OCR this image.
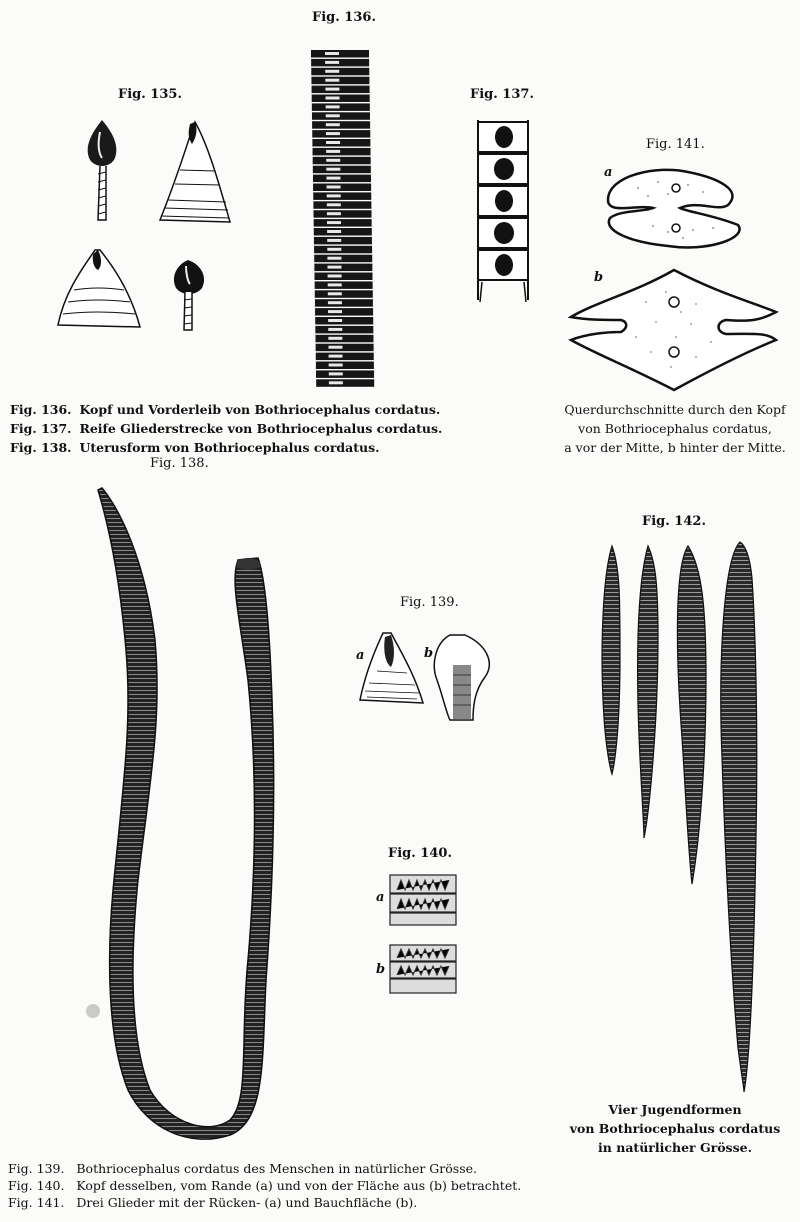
Fig. 136.
Fig. 135.	Fig. 137.
Fig. 141.
Fig. 138.
Fig. 142.
Fig. 139.
Fig. 140.
a
b
Fig. 136. Kopf und Vorderleib von Bothriocephalus cordatus.
Fig. 137. Reife Gliederstrecke von Bothriocephalus cordatus.
Fig. 138. Uterusform von Bothriocephalus cordatus.
Querdurchschnitte durch den Kopf
von Bothriocephalus cordatus,
a vor der Mitte, b hinter der Mitte.
a	b
a
b
Vier Jugendformen
von Bothriocephalus cordatus
in natürlicher Grösse.
Fig. 139. Bothriocephalus cordatus des Menschen in natürlicher Grösse.
Fig. 140. Kopf desselben, vom Rande (a) und von der Fläche aus (b) betrachtet.
Fig. 141. Drei Glieder mit der Rücken- (a) und Bauchfläche (b).
